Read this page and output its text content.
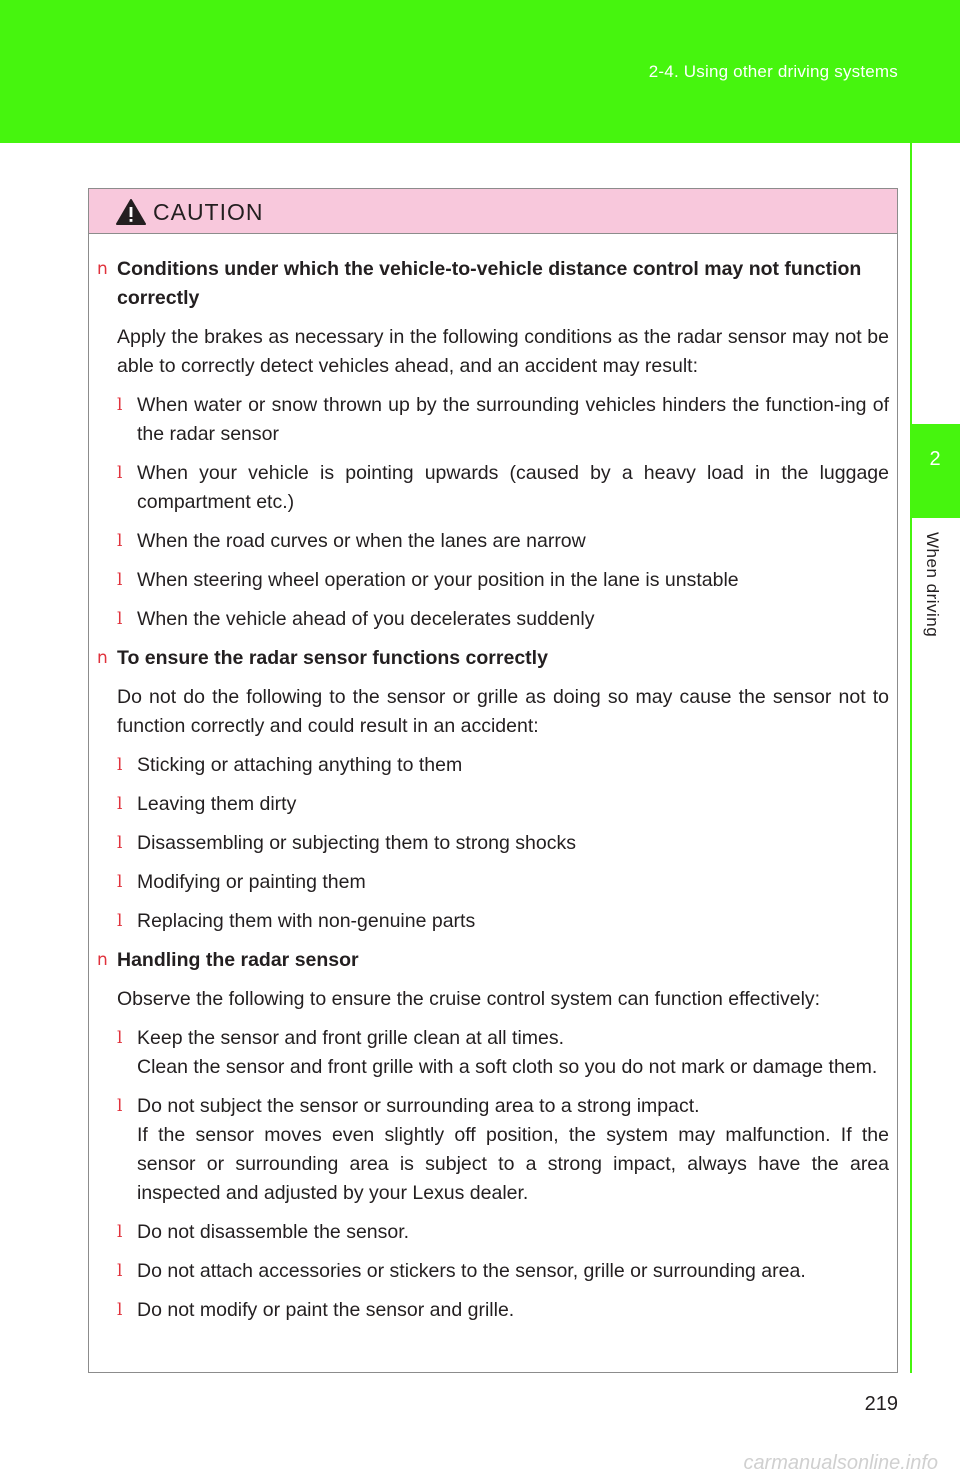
2-4. Using other driving systems
2
When driving
CAUTION
n Conditions under which the vehicle-to-vehicle distance control may not function correctly
Apply the brakes as necessary in the following conditions as the radar sensor may not be able to correctly detect vehicles ahead, and an accident may result:
l When water or snow thrown up by the surrounding vehicles hinders the function-ing of the radar sensor
l When your vehicle is pointing upwards (caused by a heavy load in the luggage compartment etc.)
l When the road curves or when the lanes are narrow
l When steering wheel operation or your position in the lane is unstable
l When the vehicle ahead of you decelerates suddenly
n To ensure the radar sensor functions correctly
Do not do the following to the sensor or grille as doing so may cause the sensor not to function correctly and could result in an accident:
l Sticking or attaching anything to them
l Leaving them dirty
l Disassembling or subjecting them to strong shocks
l Modifying or painting them
l Replacing them with non-genuine parts
n Handling the radar sensor
Observe the following to ensure the cruise control system can function effectively:
l Keep the sensor and front grille clean at all times.
Clean the sensor and front grille with a soft cloth so you do not mark or damage them.
l Do not subject the sensor or surrounding area to a strong impact.
If the sensor moves even slightly off position, the system may malfunction. If the sensor or surrounding area is subject to a strong impact, always have the area inspected and adjusted by your Lexus dealer.
l Do not disassemble the sensor.
l Do not attach accessories or stickers to the sensor, grille or surrounding area.
l Do not modify or paint the sensor and grille.
219
carmanualsonline.info
